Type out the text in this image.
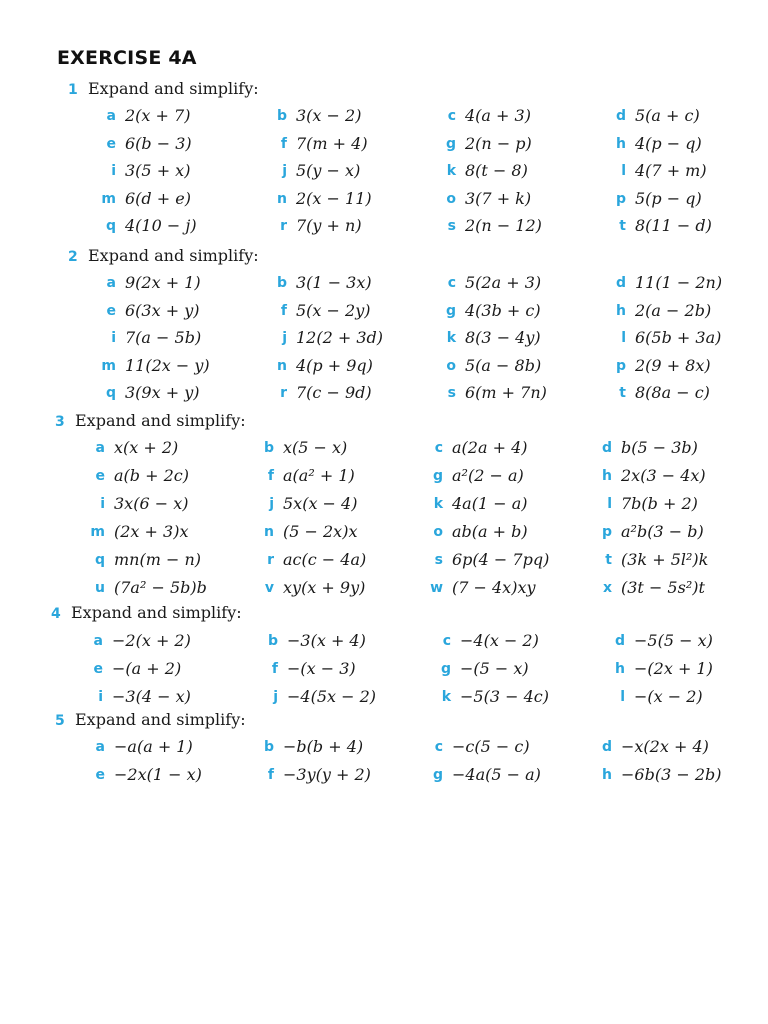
EXERCISE 4A
1 Expand and simplify:
a 2(x + 7)	b 3(x − 2)	c 4(a + 3)	d 5(a + c)
e 6(b − 3)	f 7(m + 4)	g 2(n − p)	h 4(p − q)
i 3(5 + x)	j 5(y − x)	k 8(t − 8)	l 4(7 + m)
m 6(d + e)	n 2(x − 11)	o 3(7 + k)	p 5(p − q)
q 4(10 − j)	r 7(y + n)	s 2(n − 12)	t 8(11 − d)
2 Expand and simplify:
a 9(2x + 1)	b 3(1 − 3x)	c 5(2a + 3)	d 11(1 − 2n)
e 6(3x + y)	f 5(x − 2y)	g 4(3b + c)	h 2(a − 2b)
i 7(a − 5b)	j 12(2 + 3d)	k 8(3 − 4y)	l 6(5b + 3a)
m 11(2x − y)	n 4(p + 9q)	o 5(a − 8b)	p 2(9 + 8x)
q 3(9x + y)	r 7(c − 9d)	s 6(m + 7n)	t 8(8a − c)
3 Expand and simplify:
a x(x + 2)	b x(5 − x)	c a(2a + 4)	d b(5 − 3b)
e a(b + 2c)	f a(a² + 1)	g a²(2 − a)	h 2x(3 − 4x)
i 3x(6 − x)	j 5x(x − 4)	k 4a(1 − a)	l 7b(b + 2)
m (2x + 3)x	n (5 − 2x)x	o ab(a + b)	p a²b(3 − b)
q mn(m − n)	r ac(c − 4a)	s 6p(4 − 7pq)	t (3k + 5l²)k
u (7a² − 5b)b	v xy(x + 9y)	w (7 − 4x)xy	x (3t − 5s²)t
4 Expand and simplify:
a −2(x + 2)	b −3(x + 4)	c −4(x − 2)	d −5(5 − x)
e −(a + 2)	f −(x − 3)	g −(5 − x)	h −(2x + 1)
i −3(4 − x)	j −4(5x − 2)	k −5(3 − 4c)	l −(x − 2)
5 Expand and simplify:
a −a(a + 1)	b −b(b + 4)	c −c(5 − c)	d −x(2x + 4)
e −2x(1 − x)	f −3y(y + 2)	g −4a(5 − a)	h −6b(3 − 2b)
